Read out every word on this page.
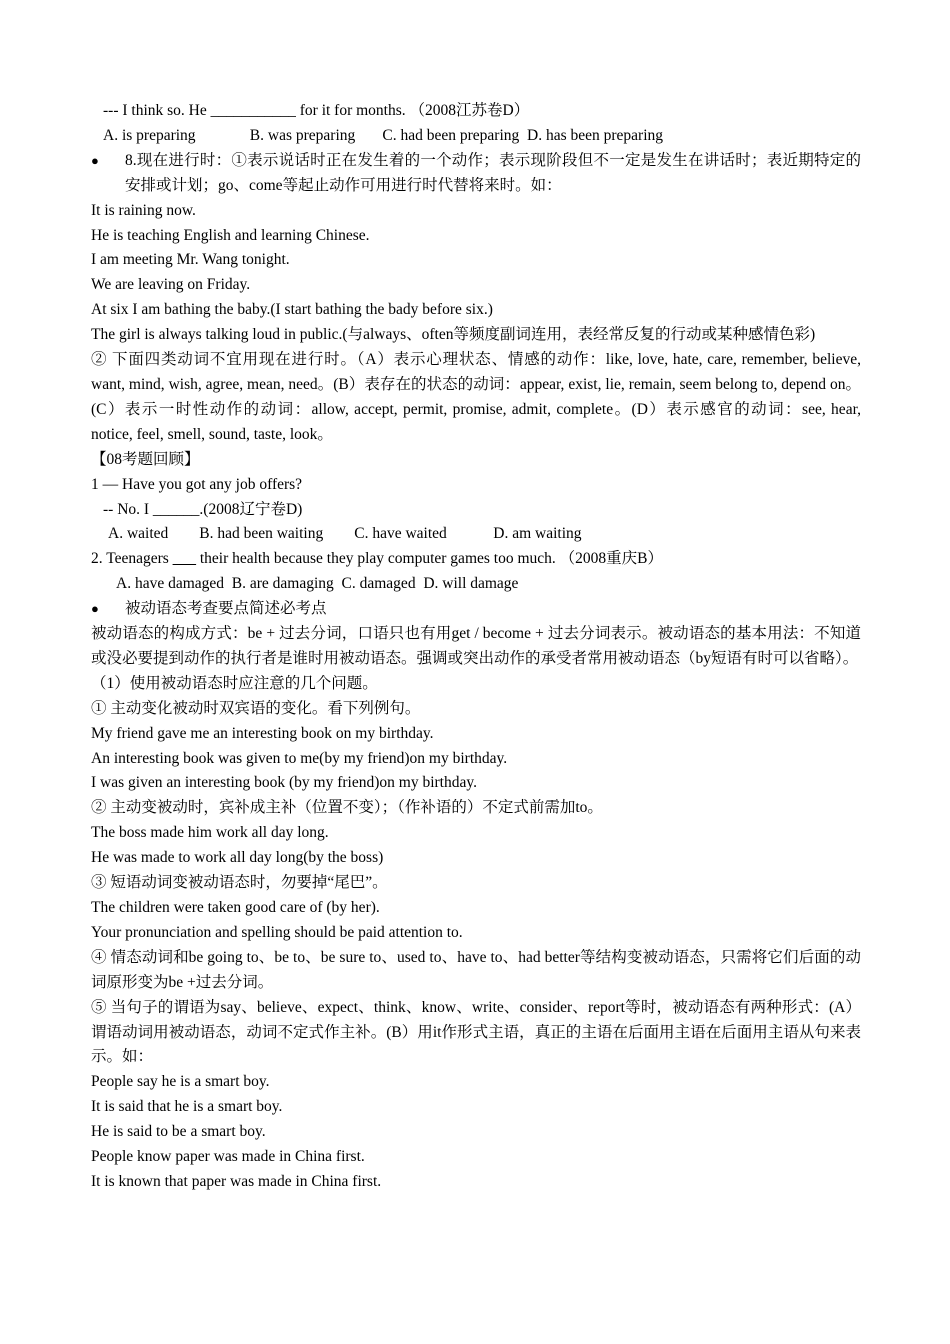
--- I think so. He ___________ for it for months. （2008江苏卷D）
A. is preparing              B. was preparing       C. had been preparing  D. has been preparing
●	8.现在进行时：①表示说话时正在发生着的一个动作；表示现阶段但不一定是发生在讲话时；表近期特定的安排或计划；go、come等起止动作可用进行时代替将来时。如：
It is raining now.
He is teaching English and learning Chinese.
I am meeting Mr. Wang tonight.
We are leaving on Friday.
At six I am bathing the baby.(I start bathing the bady before six.)
The girl is always talking loud in public.(与always、often等频度副词连用，表经常反复的行动或某种感情色彩)
② 下面四类动词不宜用现在进行时。（A）表示心理状态、情感的动作：like, love, hate, care, remember, believe, want, mind, wish, agree, mean, need。(B）表存在的状态的动词：appear, exist, lie, remain, seem belong to, depend on。(C）表示一时性动作的动词：allow, accept, permit, promise, admit, complete。(D）表示感官的动词：see, hear, notice, feel, smell, sound, taste, look。
【08考题回顾】
1 — Have you got any job offers?
-- No. I ______.(2008辽宁卷D)
A. waited        B. had been waiting        C. have waited            D. am waiting
2. Teenagers ___ their health because they play computer games too much. （2008重庆B）
A. have damaged  B. are damaging  C. damaged  D. will damage
●	被动语态考查要点简述必考点
被动语态的构成方式：be + 过去分词，口语只也有用get / become + 过去分词表示。被动语态的基本用法：不知道或没必要提到动作的执行者是谁时用被动语态。强调或突出动作的承受者常用被动语态（by短语有时可以省略）。
（1）使用被动语态时应注意的几个问题。
① 主动变化被动时双宾语的变化。看下列例句。
My friend gave me an interesting book on my birthday.
An interesting book was given to me(by my friend)on my birthday.
I was given an interesting book (by my friend)on my birthday.
② 主动变被动时，宾补成主补（位置不变）；（作补语的）不定式前需加to。
The boss made him work all day long.
He was made to work all day long(by the boss)
③ 短语动词变被动语态时，勿要掉“尾巴”。
The children were taken good care of (by her).
Your pronunciation and spelling should be paid attention to.
④ 情态动词和be going to、be to、be sure to、used to、have to、had better等结构变被动语态，只需将它们后面的动词原形变为be +过去分词。
⑤ 当句子的谓语为say、believe、expect、think、know、write、consider、report等时，被动语态有两种形式：(A）谓语动词用被动语态，动词不定式作主补。(B）用it作形式主语，真正的主语在后面用主语在后面用主语从句来表示。如：
People say he is a smart boy.
It is said that he is a smart boy.
He is said to be a smart boy.
People know paper was made in China first.
It is known that paper was made in China first.
